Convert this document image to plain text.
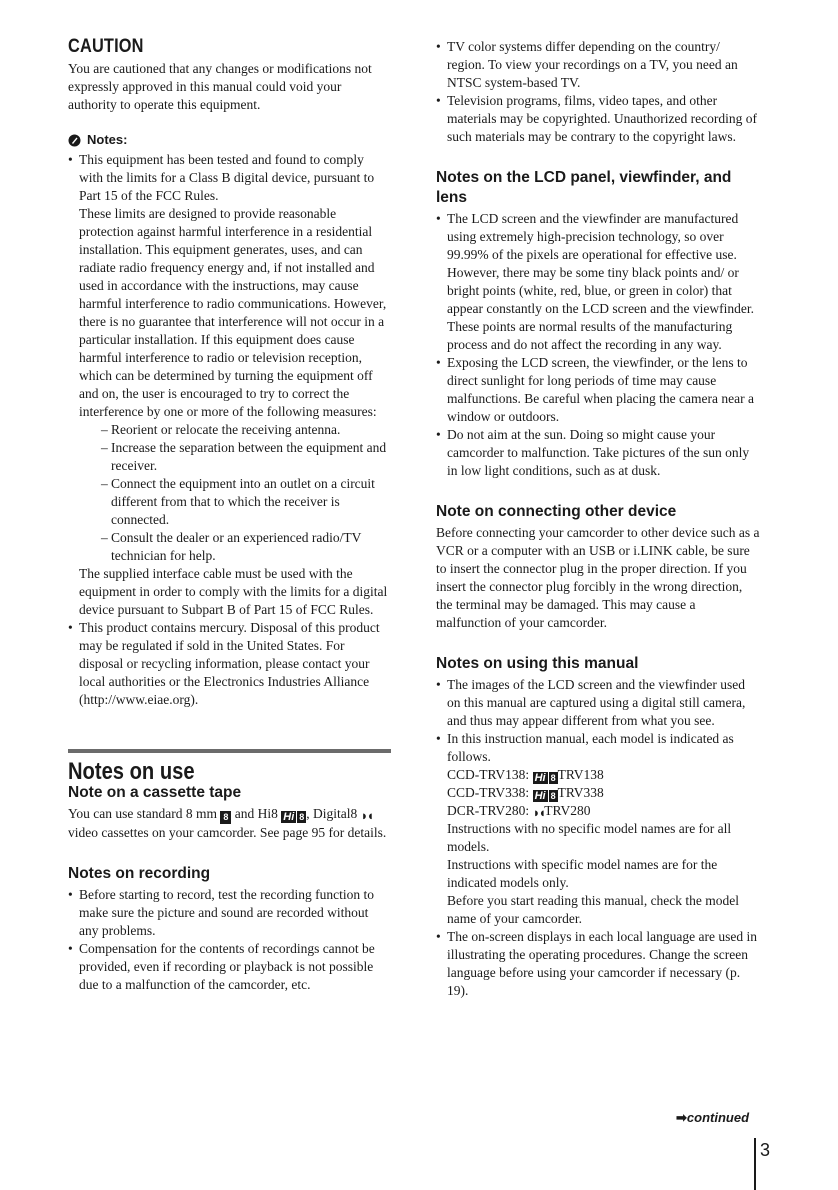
CAUTION

You are cautioned that any changes or modifications not expressly approved in this manual could void your authority to operate this equipment.

Notes:

• This equipment has been tested and found to comply with the limits for a Class B digital device, pursuant to Part 15 of the FCC Rules.

These limits are designed to provide reasonable protection against harmful interference in a residential installation. This equipment generates, uses, and can radiate radio frequency energy and, if not installed and used in accordance with the instructions, may cause harmful interference to radio communications. However, there is no guarantee that interference will not occur in a particular installation. If this equipment does cause harmful interference to radio or television reception, which can be determined by turning the equipment off and on, the user is encouraged to try to correct the interference by one or more of the following measures:

– Reorient or relocate the receiving antenna.
– Increase the separation between the equipment and receiver.
– Connect the equipment into an outlet on a circuit different from that to which the receiver is connected.
– Consult the dealer or an experienced radio/TV technician for help.

The supplied interface cable must be used with the equipment in order to comply with the limits for a digital device pursuant to Subpart B of Part 15 of FCC Rules.

• This product contains mercury. Disposal of this product may be regulated if sold in the United States. For disposal or recycling information, please contact your local authorities or the Electronics Industries Alliance (http://www.eiae.org).
Notes on use
Note on a cassette tape

You can use standard 8 mm 8 and Hi8 Hi 8 , Digital8 ◗◖ video cassettes on your camcorder. See page 95 for details.

Notes on recording
• Before starting to record, test the recording function to make sure the picture and sound are recorded without any problems.
• Compensation for the contents of recordings cannot be provided, even if recording or playback is not possible due to a malfunction of the camcorder, etc.
• TV color systems differ depending on the country/ region. To view your recordings on a TV, you need an NTSC system-based TV.
• Television programs, films, video tapes, and other materials may be copyrighted. Unauthorized recording of such materials may be contrary to the copyright laws.
Notes on the LCD panel, viewfinder, and lens

• The LCD screen and the viewfinder are manufactured using extremely high-precision technology, so over 99.99% of the pixels are operational for effective use.

However, there may be some tiny black points and/ or bright points (white, red, blue, or green in color) that appear constantly on the LCD screen and the viewfinder.

These points are normal results of the manufacturing process and do not affect the recording in any way.

• Exposing the LCD screen, the viewfinder, or the lens to direct sunlight for long periods of time may cause malfunctions. Be careful when placing the camera near a window or outdoors.
• Do not aim at the sun. Doing so might cause your camcorder to malfunction. Take pictures of the sun only in low light conditions, such as at dusk.
Note on connecting other device

Before connecting your camcorder to other device such as a VCR or a computer with an USB or i.LINK cable, be sure to insert the connector plug in the proper direction. If you insert the connector plug forcibly in the wrong direction, the terminal may be damaged. This may cause a malfunction of your camcorder.

Notes on using this manual
• The images of the LCD screen and the viewfinder used on this manual are captured using a digital still camera, and thus may appear different from what you see.

• In this instruction manual, each model is indicated as follows.

CCD-TRV138: Hi 8 TRV138

CCD-TRV338: Hi 8 TRV338

DCR-TRV280: ◗◖TRV280

Instructions with no specific model names are for all models.

Instructions with specific model names are for the indicated models only.

Before you start reading this manual, check the model name of your camcorder.

• The on-screen displays in each local language are used in illustrating the operating procedures. Change the screen language before using your camcorder if necessary (p. 19).
➡continued
3
